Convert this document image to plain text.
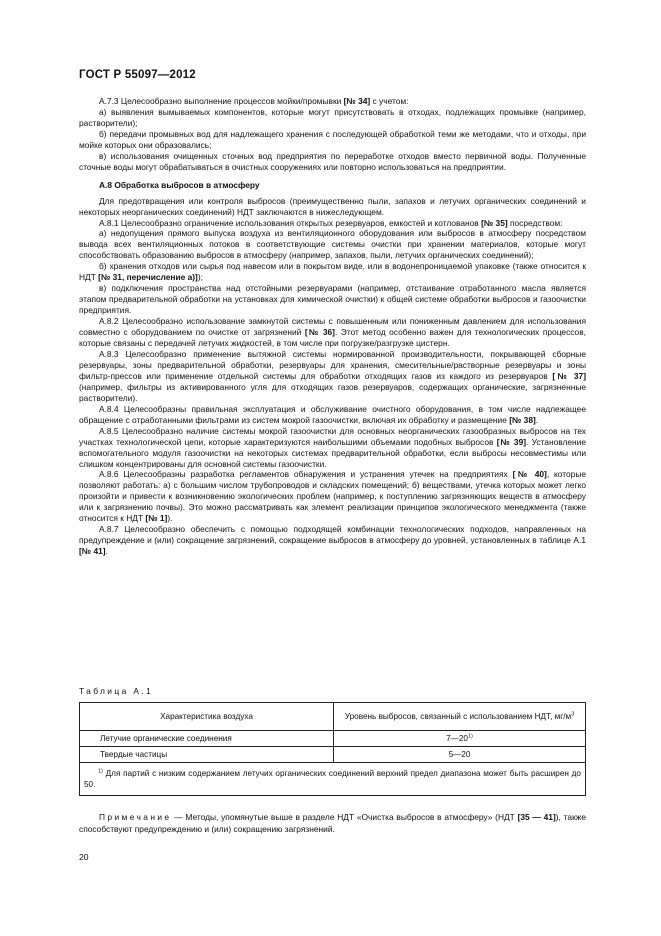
ГОСТ Р 55097—2012

А.7.3 Целесообразно выполнение процессов мойки/промывки [№ 34] с учетом:

а) выявления вымываемых компонентов, которые могут присутствовать в отходах, подлежащих промывке (например, растворители);

б) передачи промывных вод для надлежащего хранения с последующей обработкой теми же методами, что и отходы, при мойке которых они образовались;

в) использования очищенных сточных вод предприятия по переработке отходов вместо первичной воды. Полученные сточные воды могут обрабатываться в очистных сооружениях или повторно использоваться на предприятии.

А.8 Обработка выбросов в атмосферу

Для предотвращения или контроля выбросов (преимущественно пыли, запахов и летучих органических соединений и некоторых неорганических соединений) НДТ заключаются в нижеследующем.

А.8.1 Целесообразно ограничение использования открытых резервуаров, емкостей и котлованов [№ 35] посредством:

а) недопущения прямого выпуска воздуха из вентиляционного оборудования или выбросов в атмосферу посредством вывода всех вентиляционных потоков в соответствующие системы очистки при хранении материалов, которые могут способствовать образованию выбросов в атмосферу (например, запахов, пыли, летучих органических соединений);

б) хранения отходов или сырья под навесом или в покрытом виде, или в водонепроницаемой упаковке (также относится к НДТ [№ 31, перечисление а)]);

в) подключения пространства над отстойными резервуарами (например, отстаивание отработанного масла является этапом предварительной обработки на установках для химической очистки) к общей системе обработки выбросов и газоочистки предприятия.

А.8.2 Целесообразно использование замкнутой системы с повышенным или пониженным давлением для использования совместно с оборудованием по очистке от загрязнений [№ 36]. Этот метод особенно важен для технологических процессов, которые связаны с передачей летучих жидкостей, в том числе при погрузке/разгрузке цистерн.

А.8.3 Целесообразно применение вытяжной системы нормированной производительности, покрывающей сборные резервуары, зоны предварительной обработки, резервуары для хранения, смесительные/растворные резервуары и зоны фильтр-прессов или применение отдельной системы для обработки отходящих газов из каждого из резервуаров [№ 37] (например, фильтры из активированного угля для отходящих газов резервуаров, содержащих органические, загрязненные растворители).

А.8.4 Целесообразны правильная эксплуатация и обслуживание очистного оборудования, в том числе надлежащее обращение с отработанными фильтрами из систем мокрой газоочистки, включая их обработку и размещение [№ 38].

А.8.5 Целесообразно наличие системы мокрой газоочистки для основных неорганических газообразных выбросов на тех участках технологической цепи, которые характеризуются наибольшими объемами подобных выбросов [№ 39]. Установление вспомогательного модуля газоочистки на некоторых системах предварительной обработки, если выбросы несовместимы или слишком концентрированы для основной системы газоочистки.

А.8.6 Целесообразны разработка регламентов обнаружения и устранения утечек на предприятиях [№ 40], которые позволяют работать: а) с большим числом трубопроводов и складских помещений; б) веществами, утечка которых может легко произойти и привести к возникновению экологических проблем (например, к поступлению загрязняющих веществ в атмосферу или к загрязнению почвы). Это можно рассматривать как элемент реализации принципов экологического менеджмента (также относится к НДТ [№ 1]).

А.8.7 Целесообразно обеспечить с помощью подходящей комбинации технологических подходов, направленных на предупреждение и (или) сокращение загрязнений, сокращение выбросов в атмосферу до уровней, установленных в таблице А.1 [№ 41].

Таблица А.1
Характеристика воздуха	Уровень выбросов, связанный с использованием НДТ, $мг/м^3$
Летучие органические соединения	7—20$^{1)}$
Твердые частицы	5—20
$^{1)}$ Для партий с низким содержанием летучих органических соединений верхний предел диапазона может быть расширен до 50.	
Примечание — Методы, упомянутые выше в разделе НДТ «Очистка выбросов в атмосферу» (НДТ [35 — 41]), также способствуют предупреждению и (или) сокращению загрязнений.
20
